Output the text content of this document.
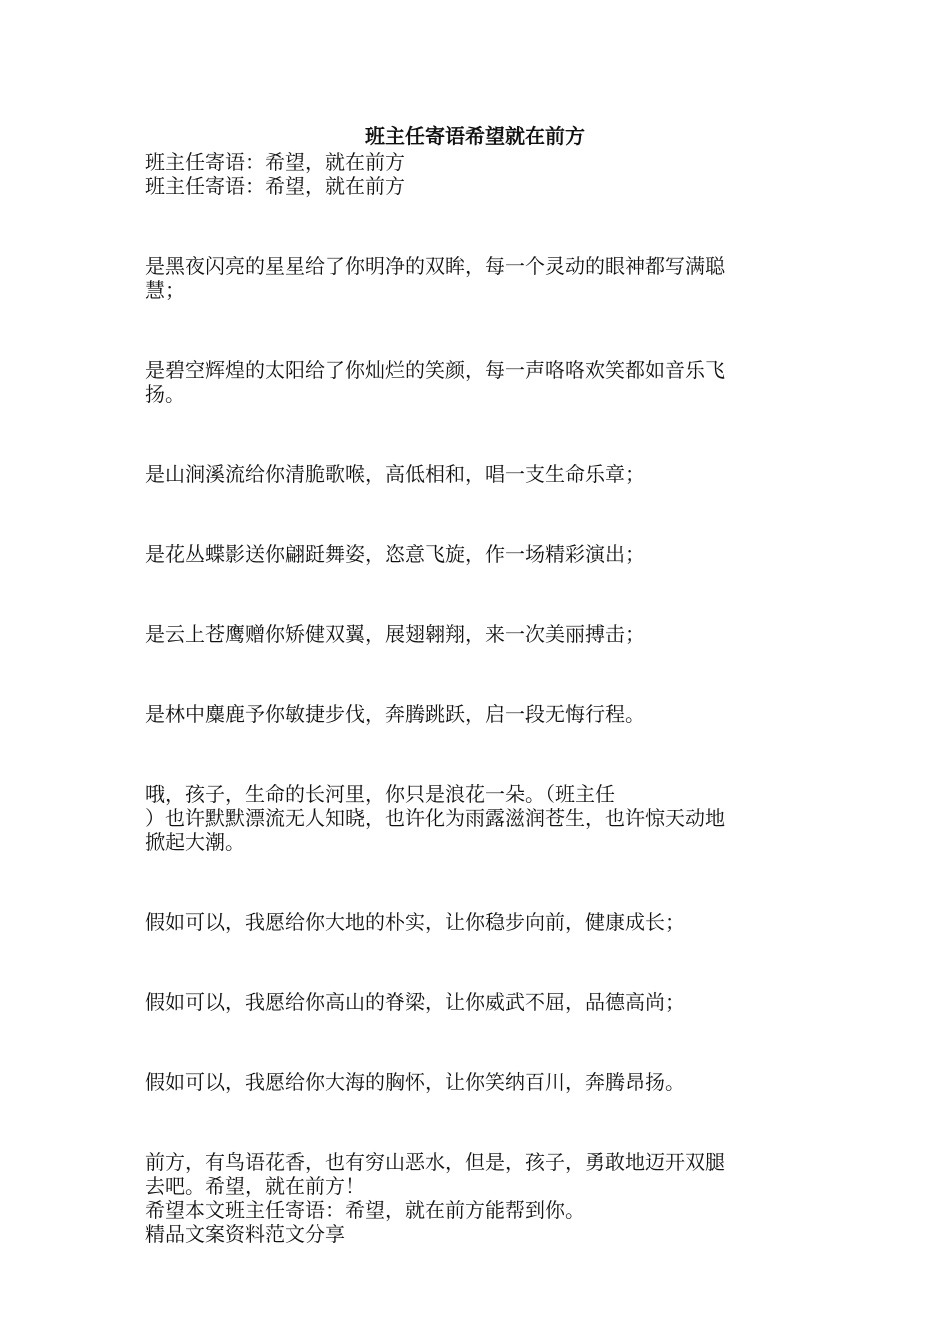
班主任寄语希望就在前方

班主任寄语：希望，就在前方

班主任寄语：希望，就在前方

是黑夜闪亮的星星给了你明净的双眸，每一个灵动的眼神都写满聪

慧；

是碧空辉煌的太阳给了你灿烂的笑颜，每一声咯咯欢笑都如音乐飞

扬。

是山涧溪流给你清脆歌喉，高低相和，唱一支生命乐章；

是花丛蝶影送你翩跹舞姿，恣意飞旋，作一场精彩演出；

是云上苍鹰赠你矫健双翼，展翅翱翔，来一次美丽搏击；

是林中麋鹿予你敏捷步伐，奔腾跳跃，启一段无悔行程。

哦，孩子，生命的长河里，你只是浪花一朵。（班主任

）也许默默漂流无人知晓，也许化为雨露滋润苍生，也许惊天动地

掀起大潮。

假如可以，我愿给你大地的朴实，让你稳步向前，健康成长；

假如可以，我愿给你高山的脊梁，让你威武不屈，品德高尚；

假如可以，我愿给你大海的胸怀，让你笑纳百川，奔腾昂扬。

前方，有鸟语花香，也有穷山恶水，但是，孩子，勇敢地迈开双腿

去吧。希望，就在前方！

希望本文班主任寄语：希望，就在前方能帮到你。

精品文案资料范文分享
